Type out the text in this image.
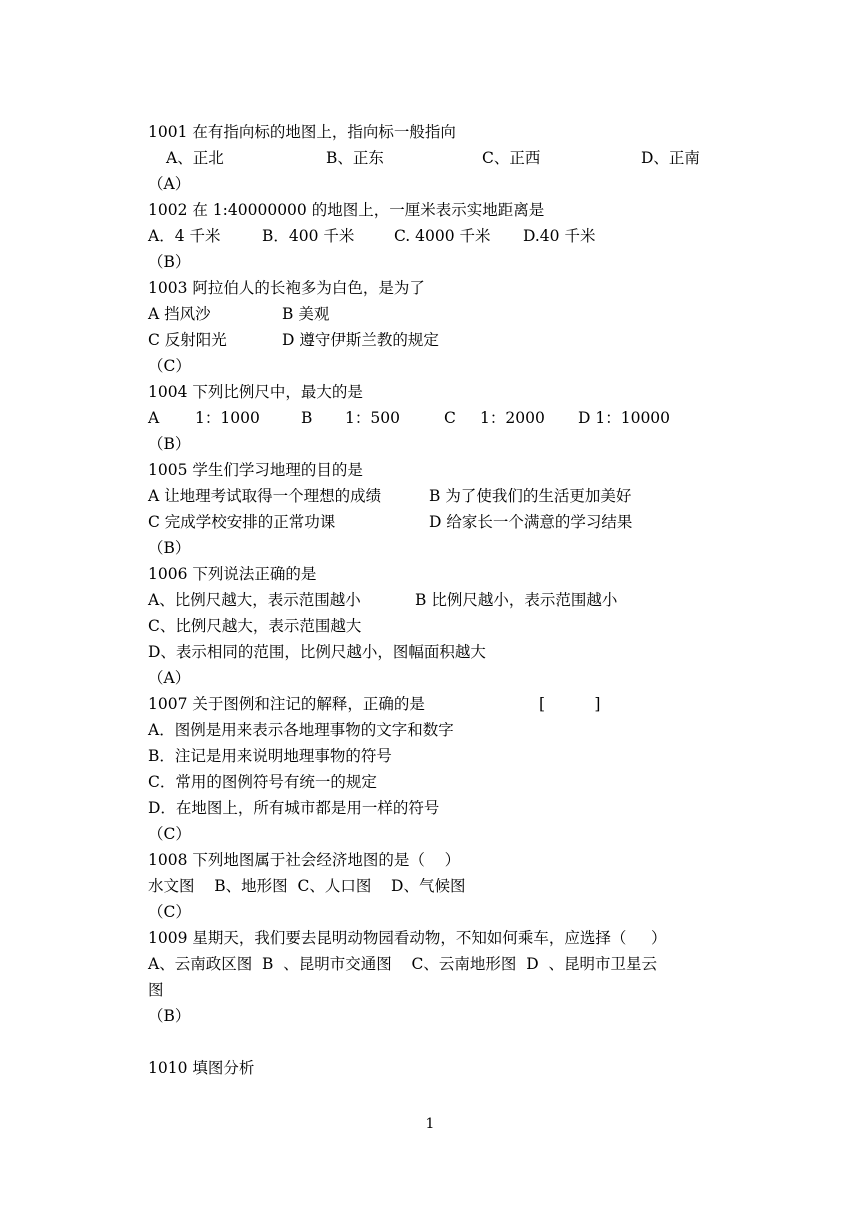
1001 在有指向标的地图上，指向标一般指向

A、正北

	B、正东

	C、正西

	D、正南

（A）
1002 在 1:40000000 的地图上，一厘米表示实地距离是

A．4 千米

	B．400 千米

	C. 4000 千米

D.40 千米

（B）
1003 阿拉伯人的长袍多为白色，是为了

A 挡风沙

	B 美观

C 反射阳光

	D 遵守伊斯兰教的规定

（C）
1004 下列比例尺中，最大的是

A

1：1000

	B

1：500

	C

1：2000

D 1：10000

（B）
1005 学生们学习地理的目的是

A 让地理考试取得一个理想的成绩

	B 为了使我们的生活更加美好

C 完成学校安排的正常功课

	D 给家长一个满意的学习结果

（B）
1006 下列说法正确的是

A、比例尺越大，表示范围越小

	B 比例尺越小，表示范围越小

C、比例尺越大，表示范围越大
D、表示相同的范围，比例尺越小，图幅面积越大
（A）

1007 关于图例和注记的解释，正确的是

	[          ]

A．图例是用来表示各地理事物的文字和数字
B．注记是用来说明地理事物的符号
C．常用的图例符号有统一的规定
D．在地图上，所有城市都是用一样的符号
（C）
1008 下列地图属于社会经济地图的是（    ）
水文图    B、地形图  C、人口图    D、气候图
（C）
1009 星期天，我们要去昆明动物园看动物，不知如何乘车，应选择（     ）
A、云南政区图  B  、昆明市交通图    C、云南地形图  D  、昆明市卫星云
图
（B）
1010 填图分析
1
